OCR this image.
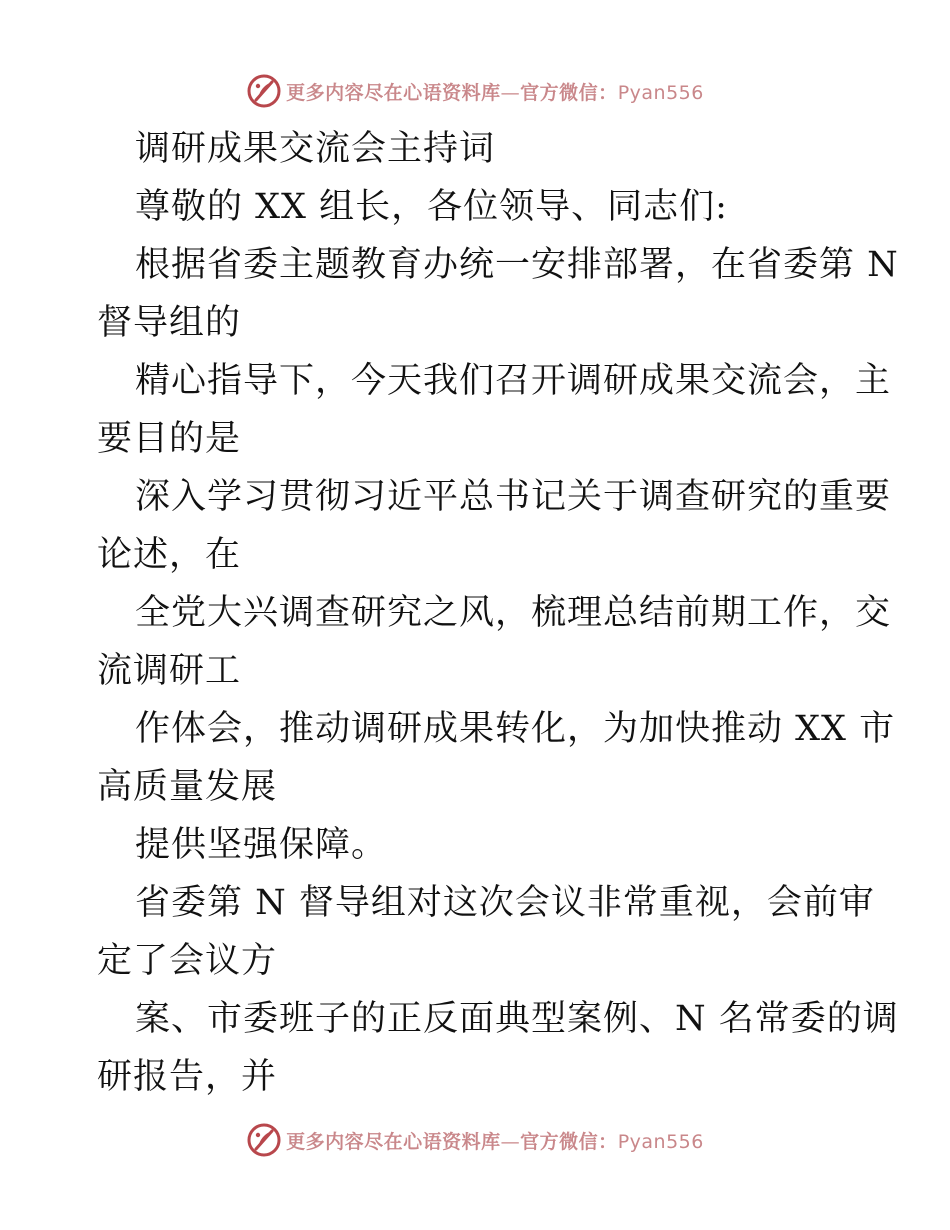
更多内容尽在心语资料库—官方微信：Pyan556
调研成果交流会主持词
尊敬的 XX 组长，各位领导、同志们:
根据省委主题教育办统一安排部署，在省委第 N
督导组的
精心指导下，今天我们召开调研成果交流会，主
要目的是
深入学习贯彻习近平总书记关于调查研究的重要
论述，在
全党大兴调查研究之风，梳理总结前期工作，交
流调研工
作体会，推动调研成果转化，为加快推动 XX 市
高质量发展
提供坚强保障。
省委第 N 督导组对这次会议非常重视，会前审
定了会议方
案、市委班子的正反面典型案例、N 名常委的调
研报告，并
更多内容尽在心语资料库—官方微信：Pyan556
